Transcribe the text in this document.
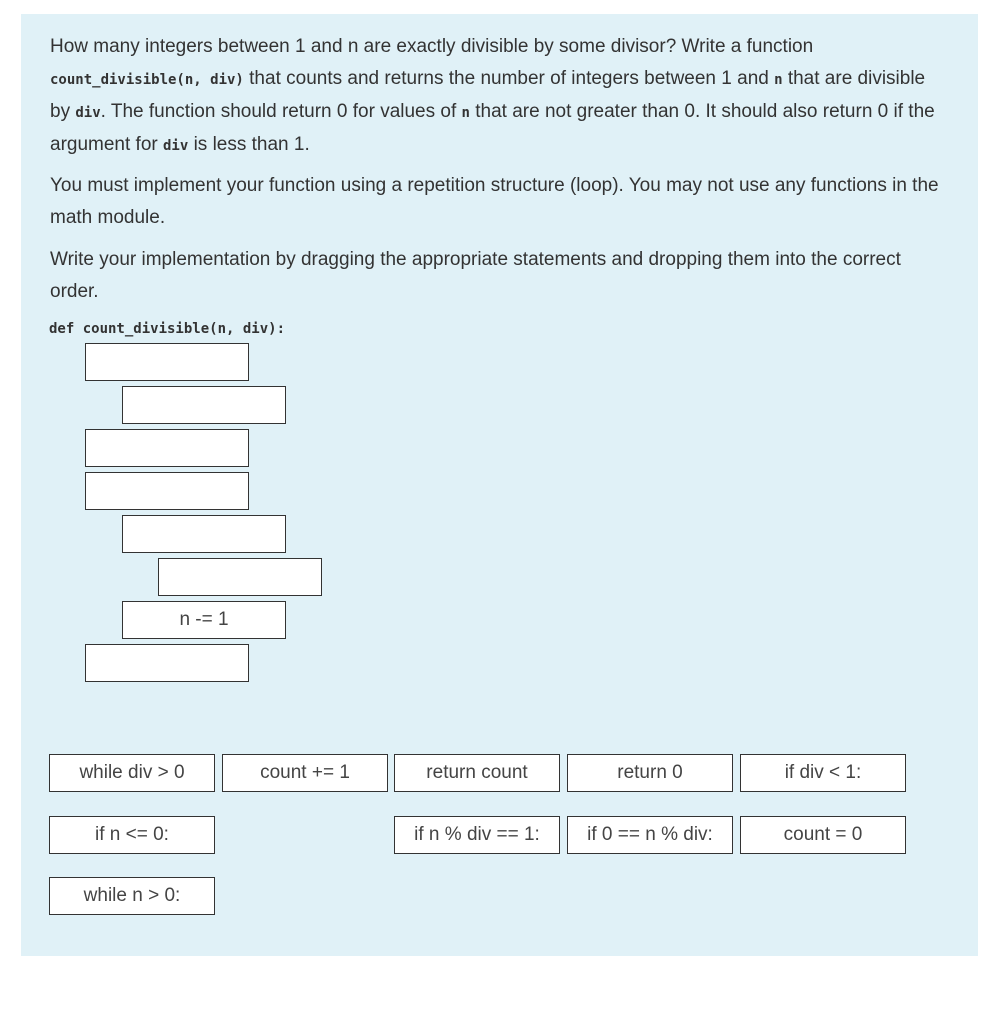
How many integers between 1 and n are exactly divisible by some divisor? Write a function count_divisible(n, div) that counts and returns the number of integers between 1 and n that are divisible by div. The function should return 0 for values of n that are not greater than 0. It should also return 0 if the argument for div is less than 1.

You must implement your function using a repetition structure (loop). You may not use any functions in the math module.

Write your implementation by dragging the appropriate statements and dropping them into the correct order.

def count_divisible(n, div):
n -= 1
while div > 0	count += 1	return count	return 0	if div < 1:
if n <= 0:	if n % div == 1:	if 0 == n % div:	count = 0
while n > 0:
